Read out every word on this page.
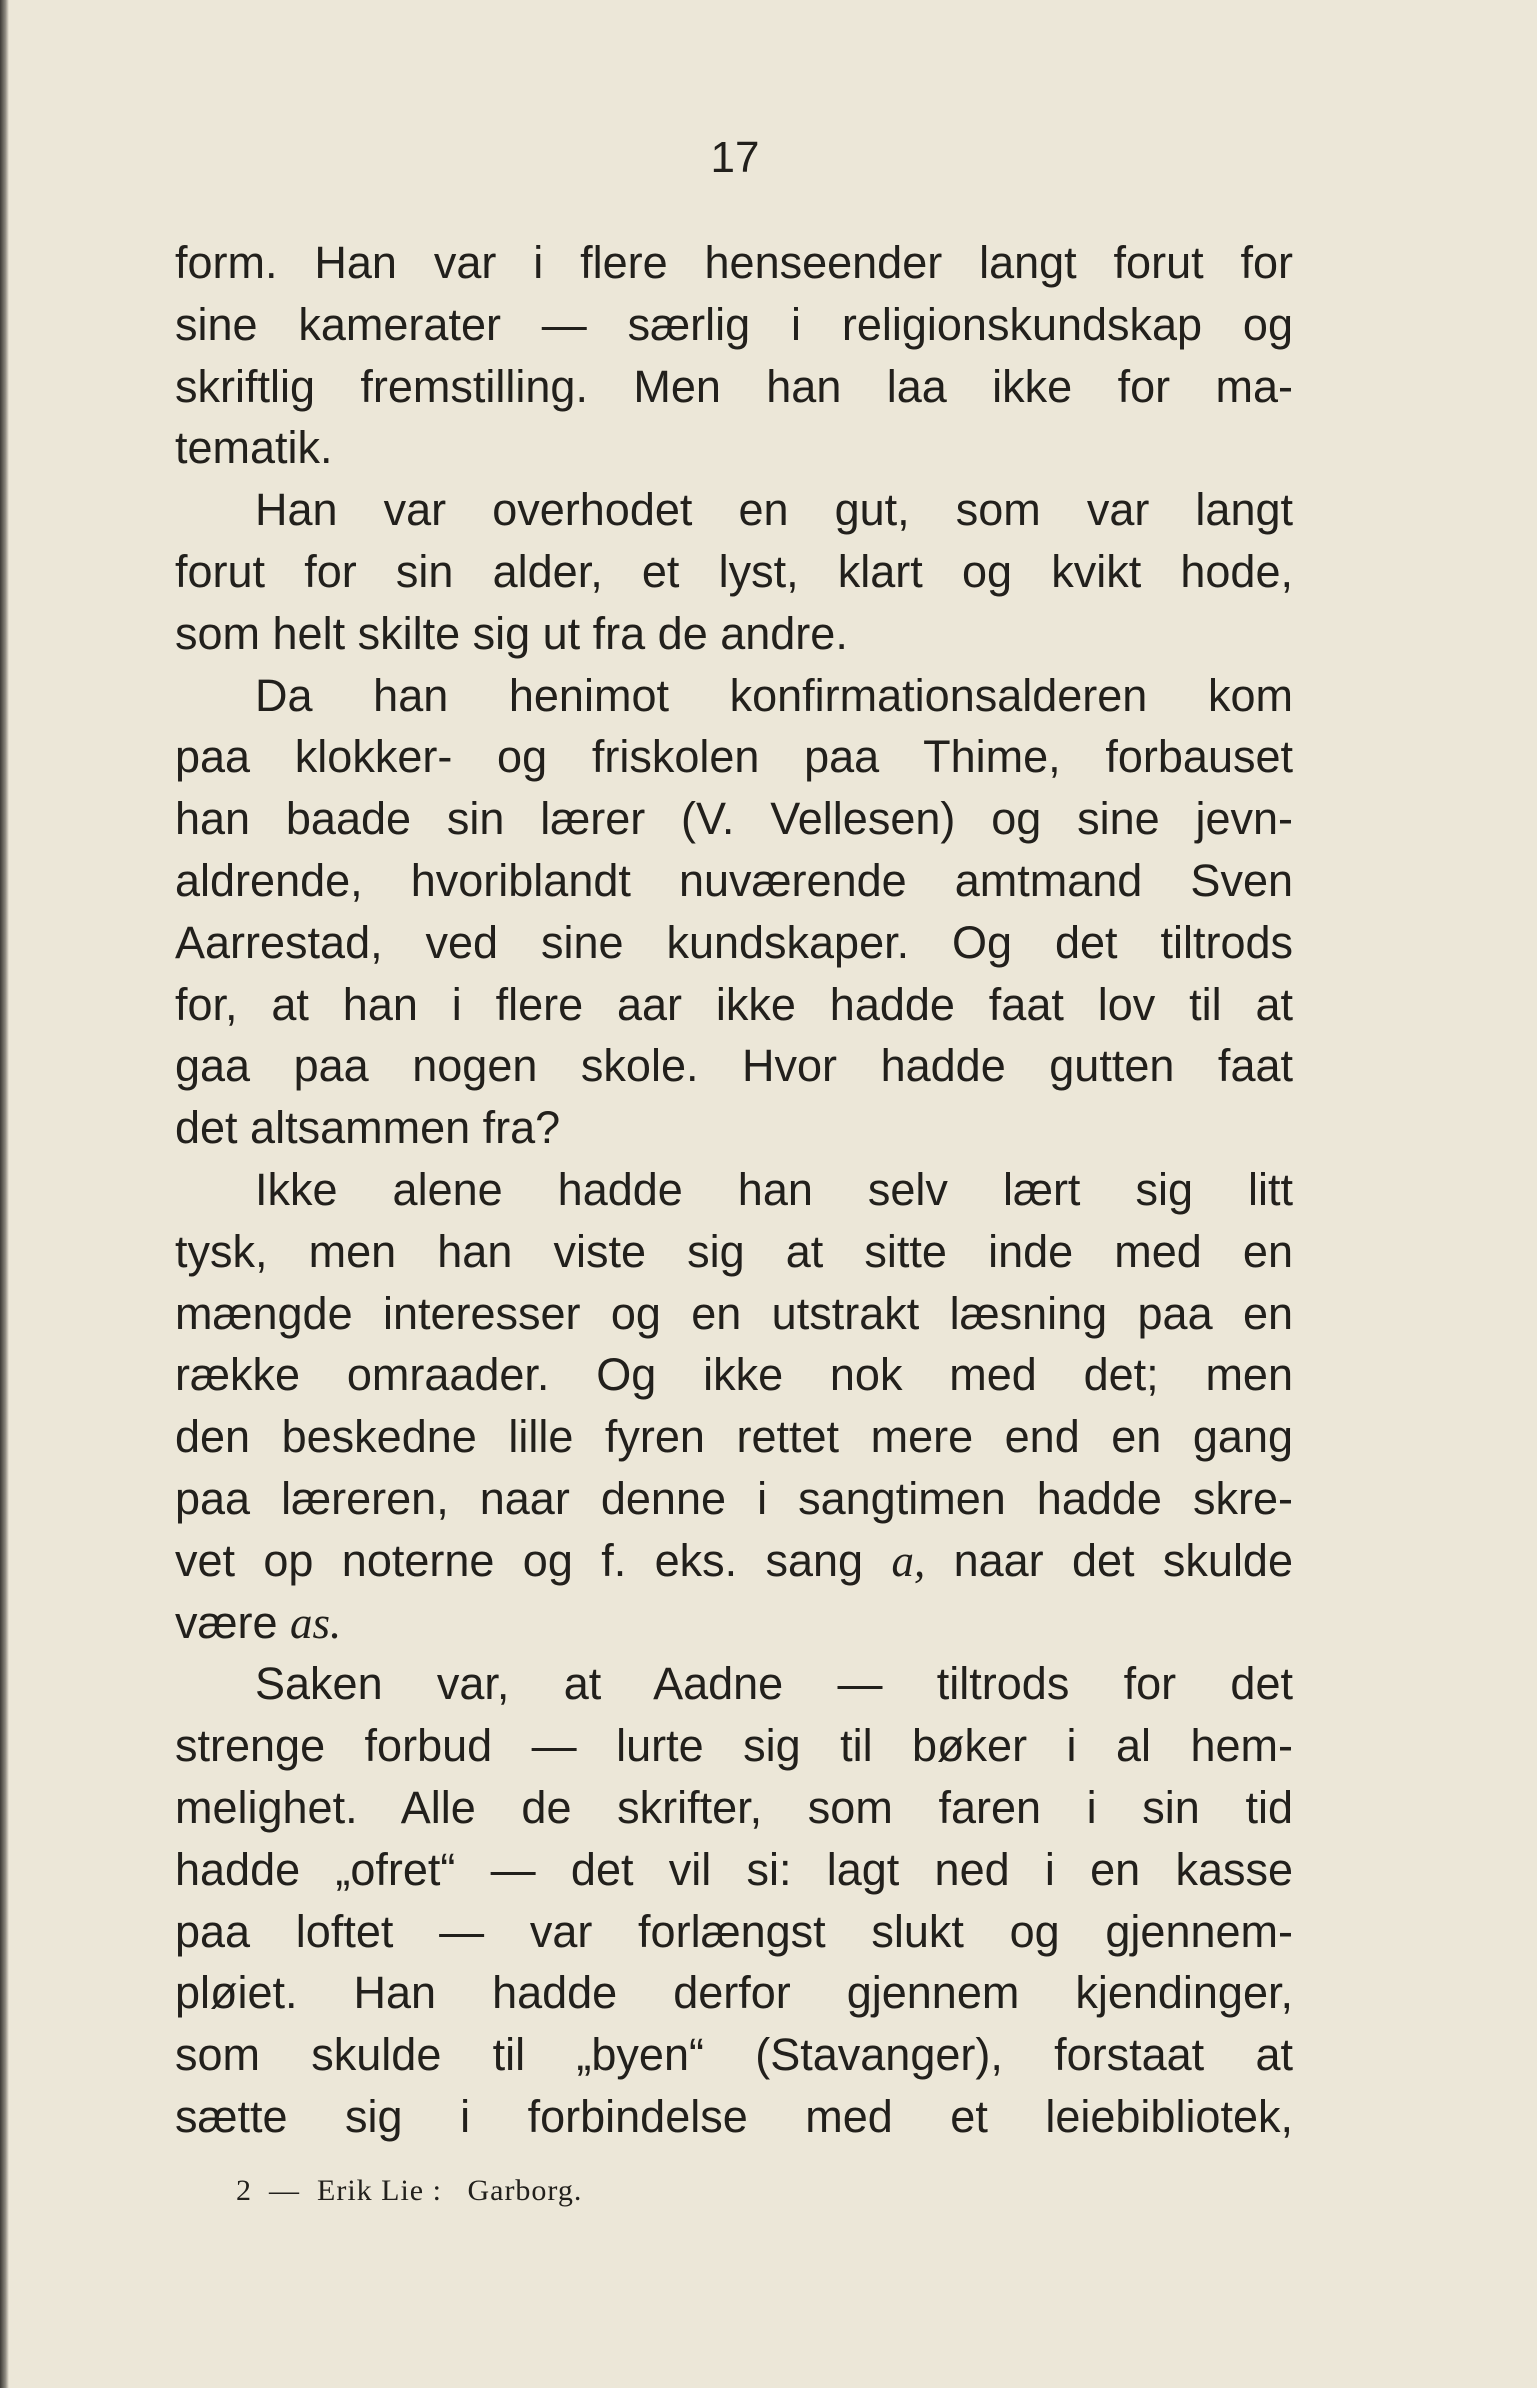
17
form. Han var i flere henseender langt forut for
sine kamerater — særlig i religionskundskap og
skriftlig fremstilling. Men han laa ikke for ma-
tematik.
Han var overhodet en gut, som var langt
forut for sin alder, et lyst, klart og kvikt hode,
som helt skilte sig ut fra de andre.
Da han henimot konfirmationsalderen kom
paa klokker- og friskolen paa Thime, forbauset
han baade sin lærer (V. Vellesen) og sine jevn-
aldrende, hvoriblandt nuværende amtmand Sven
Aarrestad, ved sine kundskaper. Og det tiltrods
for, at han i flere aar ikke hadde faat lov til at
gaa paa nogen skole. Hvor hadde gutten faat
det altsammen fra?
Ikke alene hadde han selv lært sig litt
tysk, men han viste sig at sitte inde med en
mængde interesser og en utstrakt læsning paa en
række omraader. Og ikke nok med det; men
den beskedne lille fyren rettet mere end en gang
paa læreren, naar denne i sangtimen hadde skre-
vet op noterne og f. eks. sang a, naar det skulde
være as.
Saken var, at Aadne — tiltrods for det
strenge forbud — lurte sig til bøker i al hem-
melighet. Alle de skrifter, som faren i sin tid
hadde „ofret“ — det vil si: lagt ned i en kasse
paa loftet — var forlængst slukt og gjennem-
pløiet. Han hadde derfor gjennem kjendinger,
som skulde til „byen“ (Stavanger), forstaat at
sætte sig i forbindelse med et leiebibliotek,
2  —  Erik Lie :   Garborg.
